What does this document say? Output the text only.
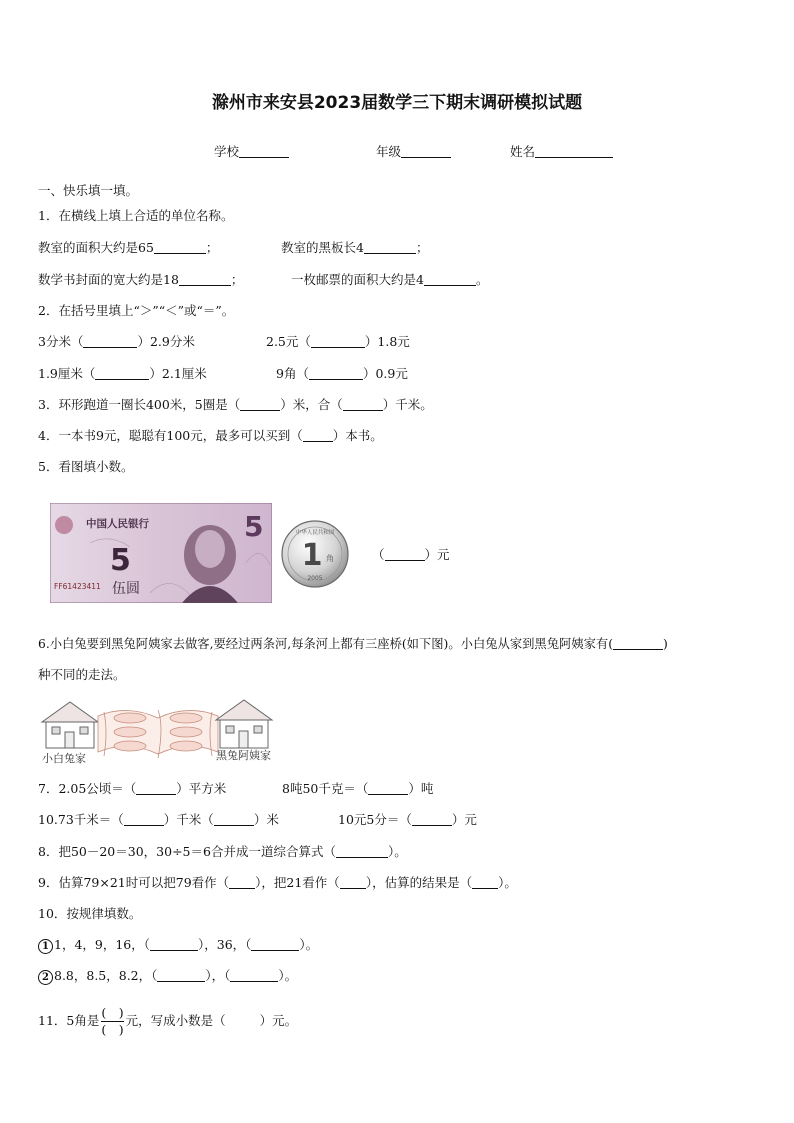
滁州市来安县2023届数学三下期末调研模拟试题
学校	年级	姓名
一、快乐填一填。
1．在横线上填上合适的单位名称。
教室的面积大约是65	；	教室的黑板长4	；
数学书封面的宽大约是18	；	一枚邮票的面积大约是4	。
2．在括号里填上“＞”“＜”或“＝”。
3分米（	）2.9分米	2.5元（	）1.8元
1.9厘米（	）2.1厘米	9角（	）0.9元
3．环形跑道一圈长400米，5圈是（	）米，合（	）千米。
4．一本书9元，聪聪有100元，最多可以买到（ ）本书。
5．看图填小数。
中国人民银行	5
5
伍圆
FF61423411
中华人民共和国
1 角
2005
（	）元
6.小白兔要到黑兔阿姨家去做客,要经过两条河,每条河上都有三座桥(如下图)。小白兔从家到黑兔阿姨家有(	)
种不同的走法。
小白兔家	黑兔阿姨家
7．2.05公顷＝（	）平方米	8吨50千克＝（	）吨
10.73千米＝（	）千米（	）米	10元5分＝（	）元
8．把50－20＝30，30÷5＝6合并成一道综合算式（	）。
9．估算79×21时可以把79看作（ ），把21看作（ ），估算的结果是（ ）。
10．按规律填数。
1 1，4，9，16，（	），36，（	）。
2 8.8，8.5，8.2，（	），（	）。
11．5角是 $\frac{( )}{( )}$ 元，写成小数是（	）元。
